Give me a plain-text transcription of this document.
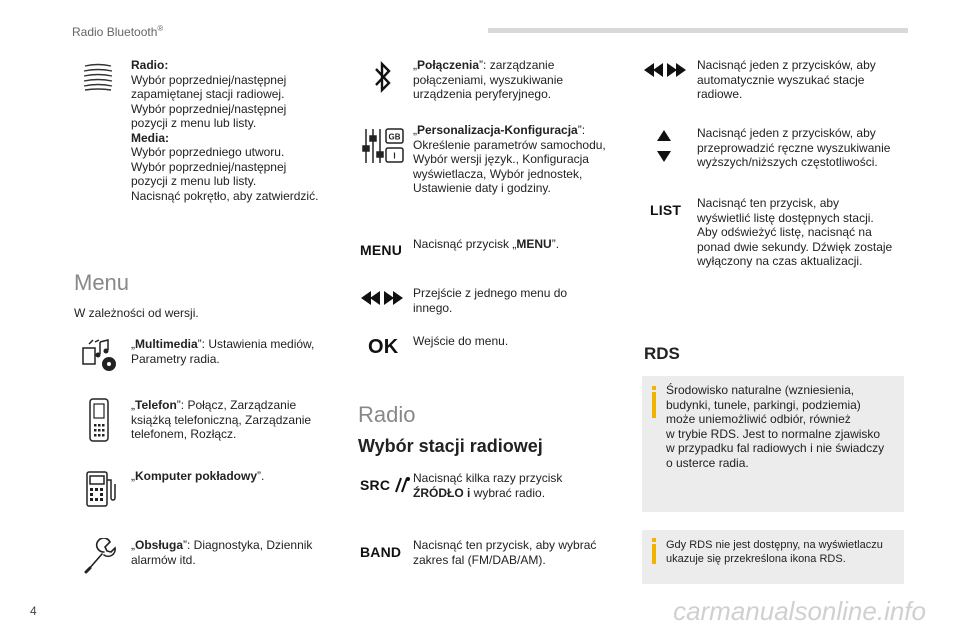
Radio Bluetooth®
Radio:
Wybór poprzedniej/następnej
zapamiętanej stacji radiowej.
Wybór poprzedniej/następnej
pozycji z menu lub listy.
Media:
Wybór poprzedniego utworu.
Wybór poprzedniej/następnej
pozycji z menu lub listy.
Nacisnąć pokrętło, aby zatwierdzić.
Menu
W zależności od wersji.
„Multimedia”: Ustawienia mediów,
Parametry radia.
„Telefon”: Połącz, Zarządzanie
książką telefoniczną, Zarządzanie
telefonem, Rozłącz.
„Komputer pokładowy”.
„Obsługa”: Diagnostyka, Dziennik
alarmów itd.
„Połączenia”: zarządzanie
połączeniami, wyszukiwanie
urządzenia peryferyjnego.
GB
I
„Personalizacja-Konfiguracja”:
Określenie parametrów samochodu,
Wybór wersji język., Konfiguracja
wyświetlacza, Wybór jednostek,
Ustawienie daty i godziny.
MENU Nacisnąć przycisk „MENU”.
Przejście z jednego menu do
innego.
OK Wejście do menu.
Radio
Wybór stacji radiowej
SRC Nacisnąć kilka razy przycisk
ŹRÓDŁO i wybrać radio.
BAND Nacisnąć ten przycisk, aby wybrać
zakres fal (FM/DAB/AM).
Nacisnąć jeden z przycisków, aby
automatycznie wyszukać stacje
radiowe.
Nacisnąć jeden z przycisków, aby
przeprowadzić ręczne wyszukiwanie
wyższych/niższych częstotliwości.
LIST Nacisnąć ten przycisk, aby
wyświetlić listę dostępnych stacji.
Aby odświeżyć listę, nacisnąć na
ponad dwie sekundy. Dźwięk zostaje
wyłączony na czas aktualizacji.
RDS
Środowisko naturalne (wzniesienia,
budynki, tunele, parkingi, podziemia)
może uniemożliwić odbiór, również
w trybie RDS. Jest to normalne zjawisko
w przypadku fal radiowych i nie świadczy
o usterce radia.
Gdy RDS nie jest dostępny, na wyświetlaczu
ukazuje się przekreślona ikona RDS.
4	carmanualsonline.info
